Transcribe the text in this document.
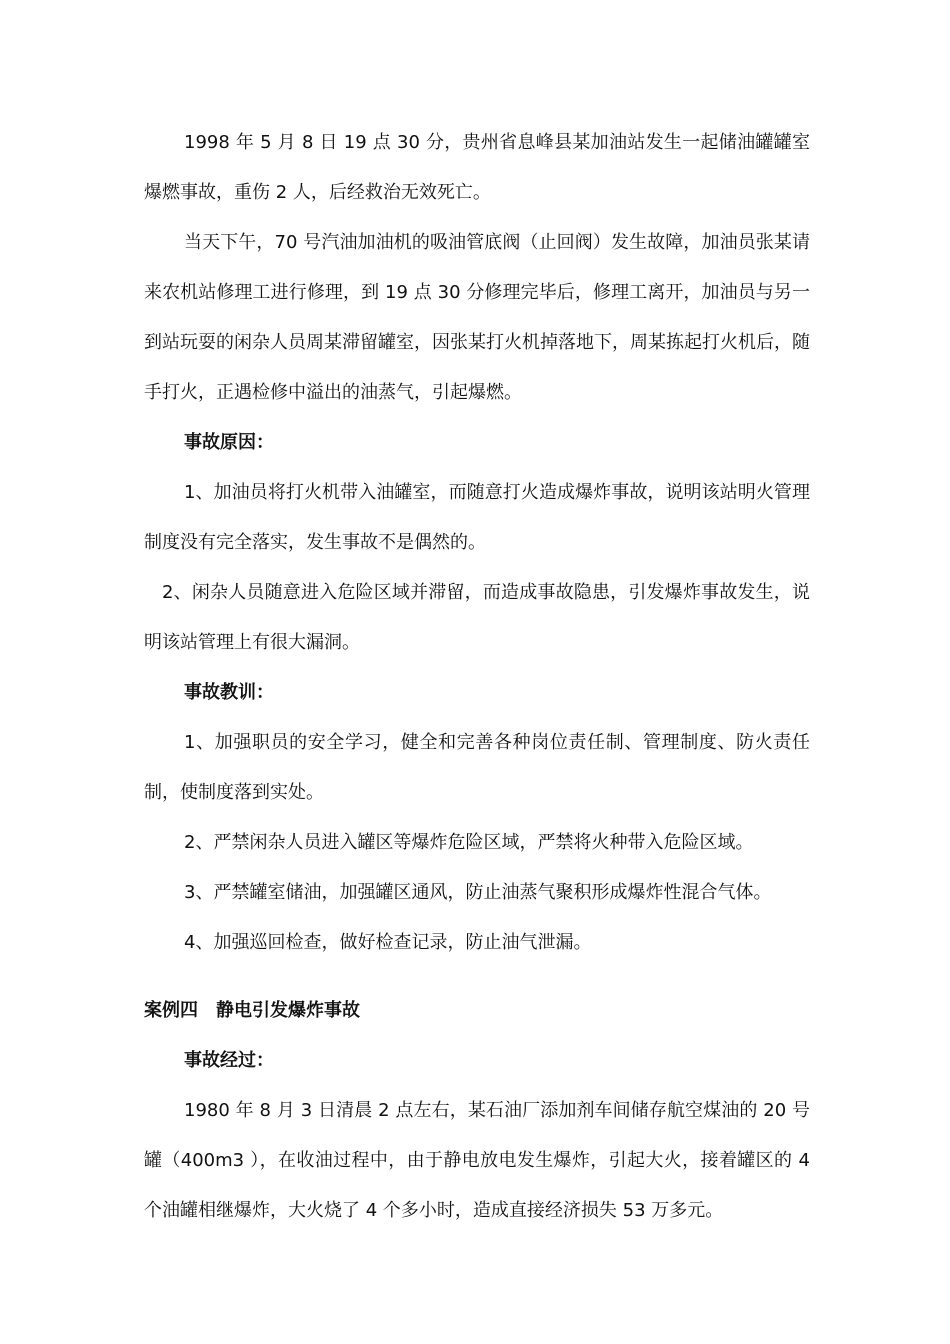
1998 年 5 月 8 日 19 点 30 分，贵州省息峰县某加油站发生一起储油罐罐室爆燃事故，重伤 2 人，后经救治无效死亡。

当天下午，70 号汽油加油机的吸油管底阀（止回阀）发生故障，加油员张某请来农机站修理工进行修理，到 19 点 30 分修理完毕后，修理工离开，加油员与另一到站玩耍的闲杂人员周某滞留罐室，因张某打火机掉落地下，周某拣起打火机后，随手打火，正遇检修中溢出的油蒸气，引起爆燃。

事故原因：

1、加油员将打火机带入油罐室，而随意打火造成爆炸事故，说明该站明火管理制度没有完全落实，发生事故不是偶然的。

2、闲杂人员随意进入危险区域并滞留，而造成事故隐患，引发爆炸事故发生，说明该站管理上有很大漏洞。

事故教训：

1、加强职员的安全学习，健全和完善各种岗位责任制、管理制度、防火责任制，使制度落到实处。

2、严禁闲杂人员进入罐区等爆炸危险区域，严禁将火种带入危险区域。

3、严禁罐室储油，加强罐区通风，防止油蒸气聚积形成爆炸性混合气体。

4、加强巡回检查，做好检查记录，防止油气泄漏。

案例四　静电引发爆炸事故

事故经过：

1980 年 8 月 3 日清晨 2 点左右，某石油厂添加剂车间储存航空煤油的 20 号罐（400m3 ），在收油过程中，由于静电放电发生爆炸，引起大火，接着罐区的 4 个油罐相继爆炸，大火烧了 4 个多小时，造成直接经济损失 53 万多元。
